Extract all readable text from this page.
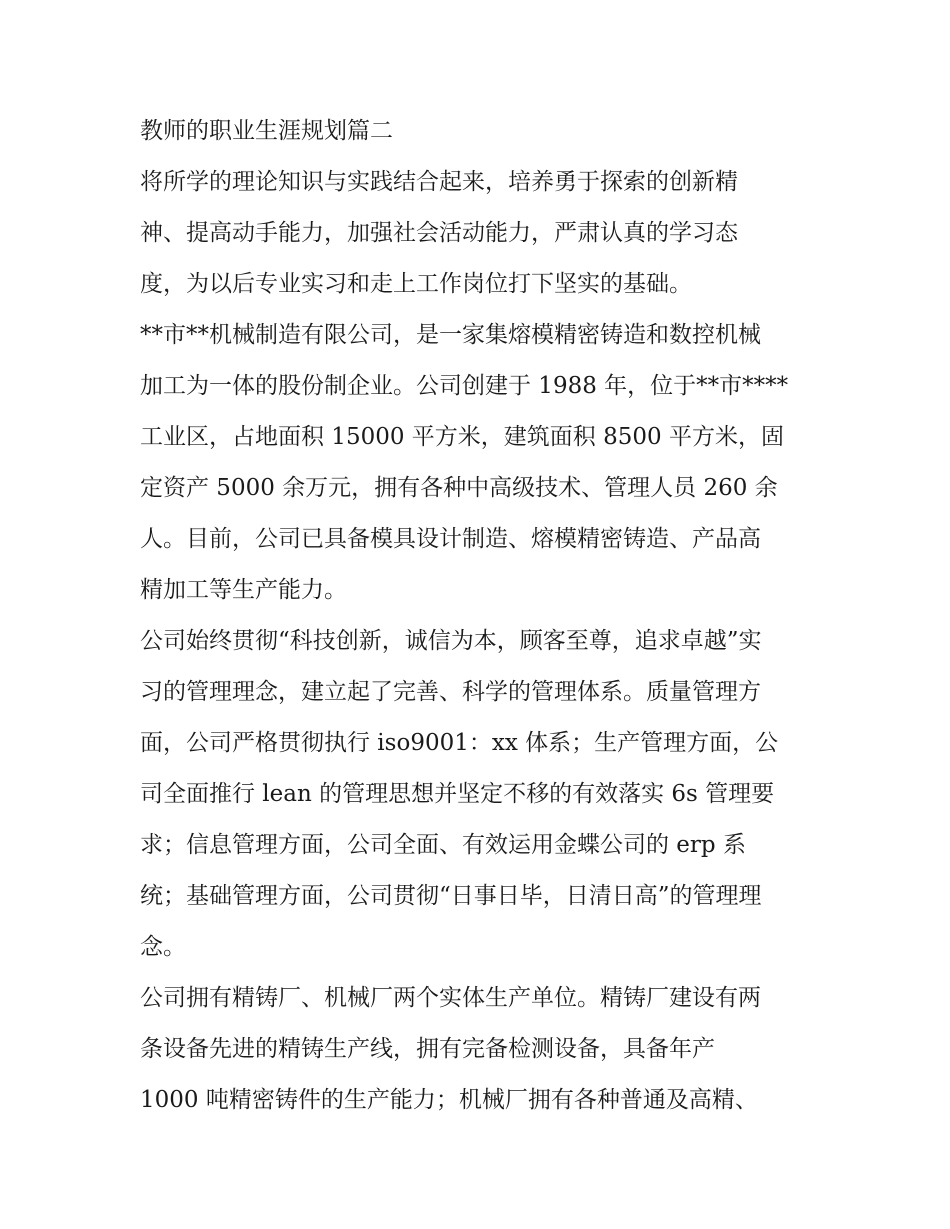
教师的职业生涯规划篇二
将所学的理论知识与实践结合起来，培养勇于探索的创新精
神、提高动手能力，加强社会活动能力，严肃认真的学习态
度，为以后专业实习和走上工作岗位打下坚实的基础。
**市**机械制造有限公司，是一家集熔模精密铸造和数控机械
加工为一体的股份制企业。公司创建于 1988 年，位于**市****
工业区，占地面积 15000 平方米，建筑面积 8500 平方米，固
定资产 5000 余万元，拥有各种中高级技术、管理人员 260 余
人。目前，公司已具备模具设计制造、熔模精密铸造、产品高
精加工等生产能力。
公司始终贯彻“科技创新，诚信为本，顾客至尊，追求卓越”实
习的管理理念，建立起了完善、科学的管理体系。质量管理方
面，公司严格贯彻执行 iso9001：xx 体系；生产管理方面，公
司全面推行 lean 的管理思想并坚定不移的有效落实 6s 管理要
求；信息管理方面，公司全面、有效运用金蝶公司的 erp 系
统；基础管理方面，公司贯彻“日事日毕，日清日高”的管理理
念。
公司拥有精铸厂、机械厂两个实体生产单位。精铸厂建设有两
条设备先进的精铸生产线，拥有完备检测设备，具备年产
1000 吨精密铸件的生产能力；机械厂拥有各种普通及高精、
